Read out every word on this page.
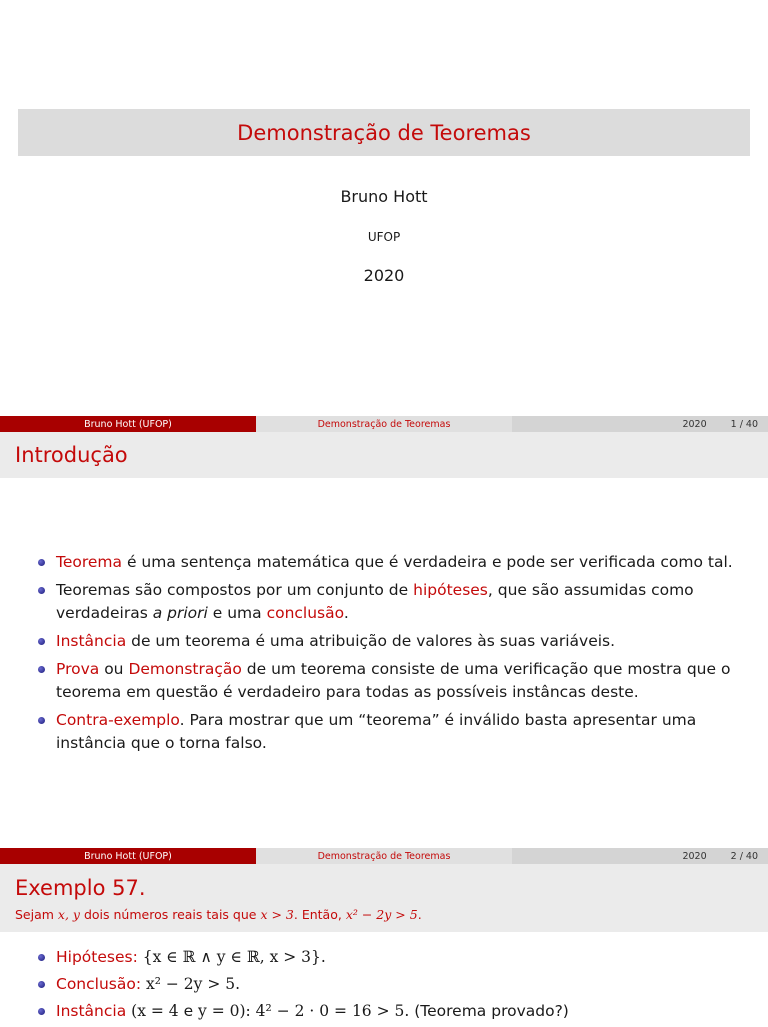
Demonstração de Teoremas
Bruno Hott
UFOP
2020
Bruno Hott (UFOP)	Demonstração de Teoremas	2020	1 / 40
Introdução
Teorema é uma sentença matemática que é verdadeira e pode ser verificada como tal.
Teoremas são compostos por um conjunto de hipóteses, que são assumidas como verdadeiras a priori e uma conclusão.
Instância de um teorema é uma atribuição de valores às suas variáveis.
Prova ou Demonstração de um teorema consiste de uma verificação que mostra que o teorema em questão é verdadeiro para todas as possíveis instâncas deste.
Contra-exemplo. Para mostrar que um “teorema” é inválido basta apresentar uma instância que o torna falso.
Bruno Hott (UFOP)	Demonstração de Teoremas	2020	2 / 40
Exemplo 57.
Sejam x, y dois números reais tais que x > 3. Então, x² − 2y > 5.
Hipóteses: {x ∈ ℝ ∧ y ∈ ℝ, x > 3}.
Conclusão: x² − 2y > 5.
Instância (x = 4 e y = 0): 4² − 2 · 0 = 16 > 5. (Teorema provado?)
